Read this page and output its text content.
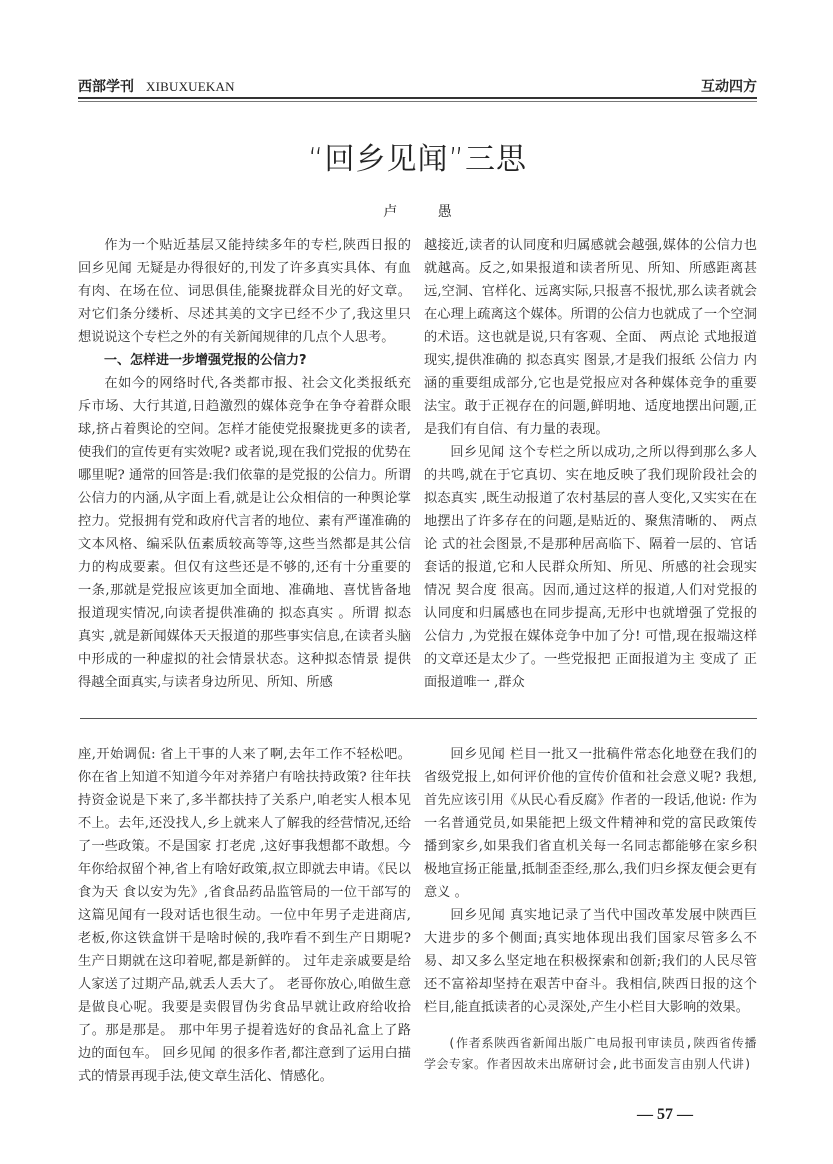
西部学刊 XIBUXUEKAN	互动四方
“回乡见闻”三思
卢 愚

作为一个贴近基层又能持续多年的专栏,陕西日报的 回乡见闻 无疑是办得很好的,刊发了许多真实具体、有血有肉、在场在位、词思俱佳,能聚拢群众目光的好文章。对它们条分缕析、尽述其美的文字已经不少了,我这里只想说说这个专栏之外的有关新闻规律的几点个人思考。

一、怎样进一步增强党报的公信力?

在如今的网络时代,各类都市报、社会文化类报纸充斥市场、大行其道,日趋激烈的媒体竞争在争夺着群众眼球,挤占着舆论的空间。怎样才能使党报聚拢更多的读者,使我们的宣传更有实效呢? 或者说,现在我们党报的优势在哪里呢? 通常的回答是:我们依靠的是党报的公信力。所谓公信力的内涵,从字面上看,就是让公众相信的一种舆论掌控力。党报拥有党和政府代言者的地位、素有严谨准确的文本风格、编采队伍素质较高等等,这些当然都是其公信力的构成要素。但仅有这些还是不够的,还有十分重要的一条,那就是党报应该更加全面地、准确地、喜忧皆备地报道现实情况,向读者提供准确的 拟态真实 。所谓 拟态真实 ,就是新闻媒体天天报道的那些事实信息,在读者头脑中形成的一种虚拟的社会情景状态。这种拟态情景 提供得越全面真实,与读者身边所见、所知、所感

越接近,读者的认同度和归属感就会越强,媒体的公信力也就越高。反之,如果报道和读者所见、所知、所感距离甚远,空洞、官样化、远离实际,只报喜不报忧,那么读者就会在心理上疏离这个媒体。所谓的公信力也就成了一个空洞的术语。这也就是说,只有客观、全面、 两点论 式地报道现实,提供准确的 拟态真实 图景,才是我们报纸 公信力 内涵的重要组成部分,它也是党报应对各种媒体竞争的重要法宝。敢于正视存在的问题,鲜明地、适度地摆出问题,正是我们有自信、有力量的表现。

回乡见闻 这个专栏之所以成功,之所以得到那么多人的共鸣,就在于它真切、实在地反映了我们现阶段社会的 拟态真实 ,既生动报道了农村基层的喜人变化,又实实在在地摆出了许多存在的问题,是贴近的、聚焦清晰的、 两点论 式的社会图景,不是那种居高临下、隔着一层的、官话套话的报道,它和人民群众所知、所见、所感的社会现实情况 契合度 很高。因而,通过这样的报道,人们对党报的认同度和归属感也在同步提高,无形中也就增强了党报的 公信力 ,为党报在媒体竞争中加了分! 可惜,现在报端这样的文章还是太少了。一些党报把 正面报道为主 变成了 正面报道唯一 ,群众

座,开始调侃: 省上干事的人来了啊,去年工作不轻松吧。你在省上知道不知道今年对养猪户有啥扶持政策? 往年扶持资金说是下来了,多半都扶持了关系户,咱老实人根本见不上。去年,还没找人,乡上就来人了解我的经营情况,还给了一些政策。不是国家 打老虎 ,这好事我想都不敢想。今年你给叔留个神,省上有啥好政策,叔立即就去申请。《民以食为天 食以安为先》,省食品药品监管局的一位干部写的这篇见闻有一段对话也很生动。一位中年男子走进商店, 老板,你这铁盒饼干是啥时候的,我咋看不到生产日期呢? 生产日期就在这印着呢,都是新鲜的。 过年走亲戚要是给人家送了过期产品,就丢人丢大了。 老哥你放心,咱做生意是做良心呢。我要是卖假冒伪劣食品早就让政府给收拾了。那是那是。 那中年男子提着选好的食品礼盒上了路边的面包车。 回乡见闻 的很多作者,都注意到了运用白描式的情景再现手法,使文章生活化、情感化。

回乡见闻 栏目一批又一批稿件常态化地登在我们的省级党报上,如何评价他的宣传价值和社会意义呢? 我想,首先应该引用《从民心看反腐》作者的一段话,他说: 作为一名普通党员,如果能把上级文件精神和党的富民政策传播到家乡,如果我们省直机关每一名同志都能够在家乡积极地宣扬正能量,抵制歪歪经,那么,我们归乡探友便会更有意义 。

回乡见闻 真实地记录了当代中国改革发展中陕西巨大进步的多个侧面;真实地体现出我们国家尽管多么不易、却又多么坚定地在积极探索和创新;我们的人民尽管还不富裕却坚持在艰苦中奋斗。我相信,陕西日报的这个栏目,能直抵读者的心灵深处,产生小栏目大影响的效果。

(作者系陕西省新闻出版广电局报刊审读员,陕西省传播学会专家。作者因故未出席研讨会,此书面发言由别人代讲)

— 57 —
